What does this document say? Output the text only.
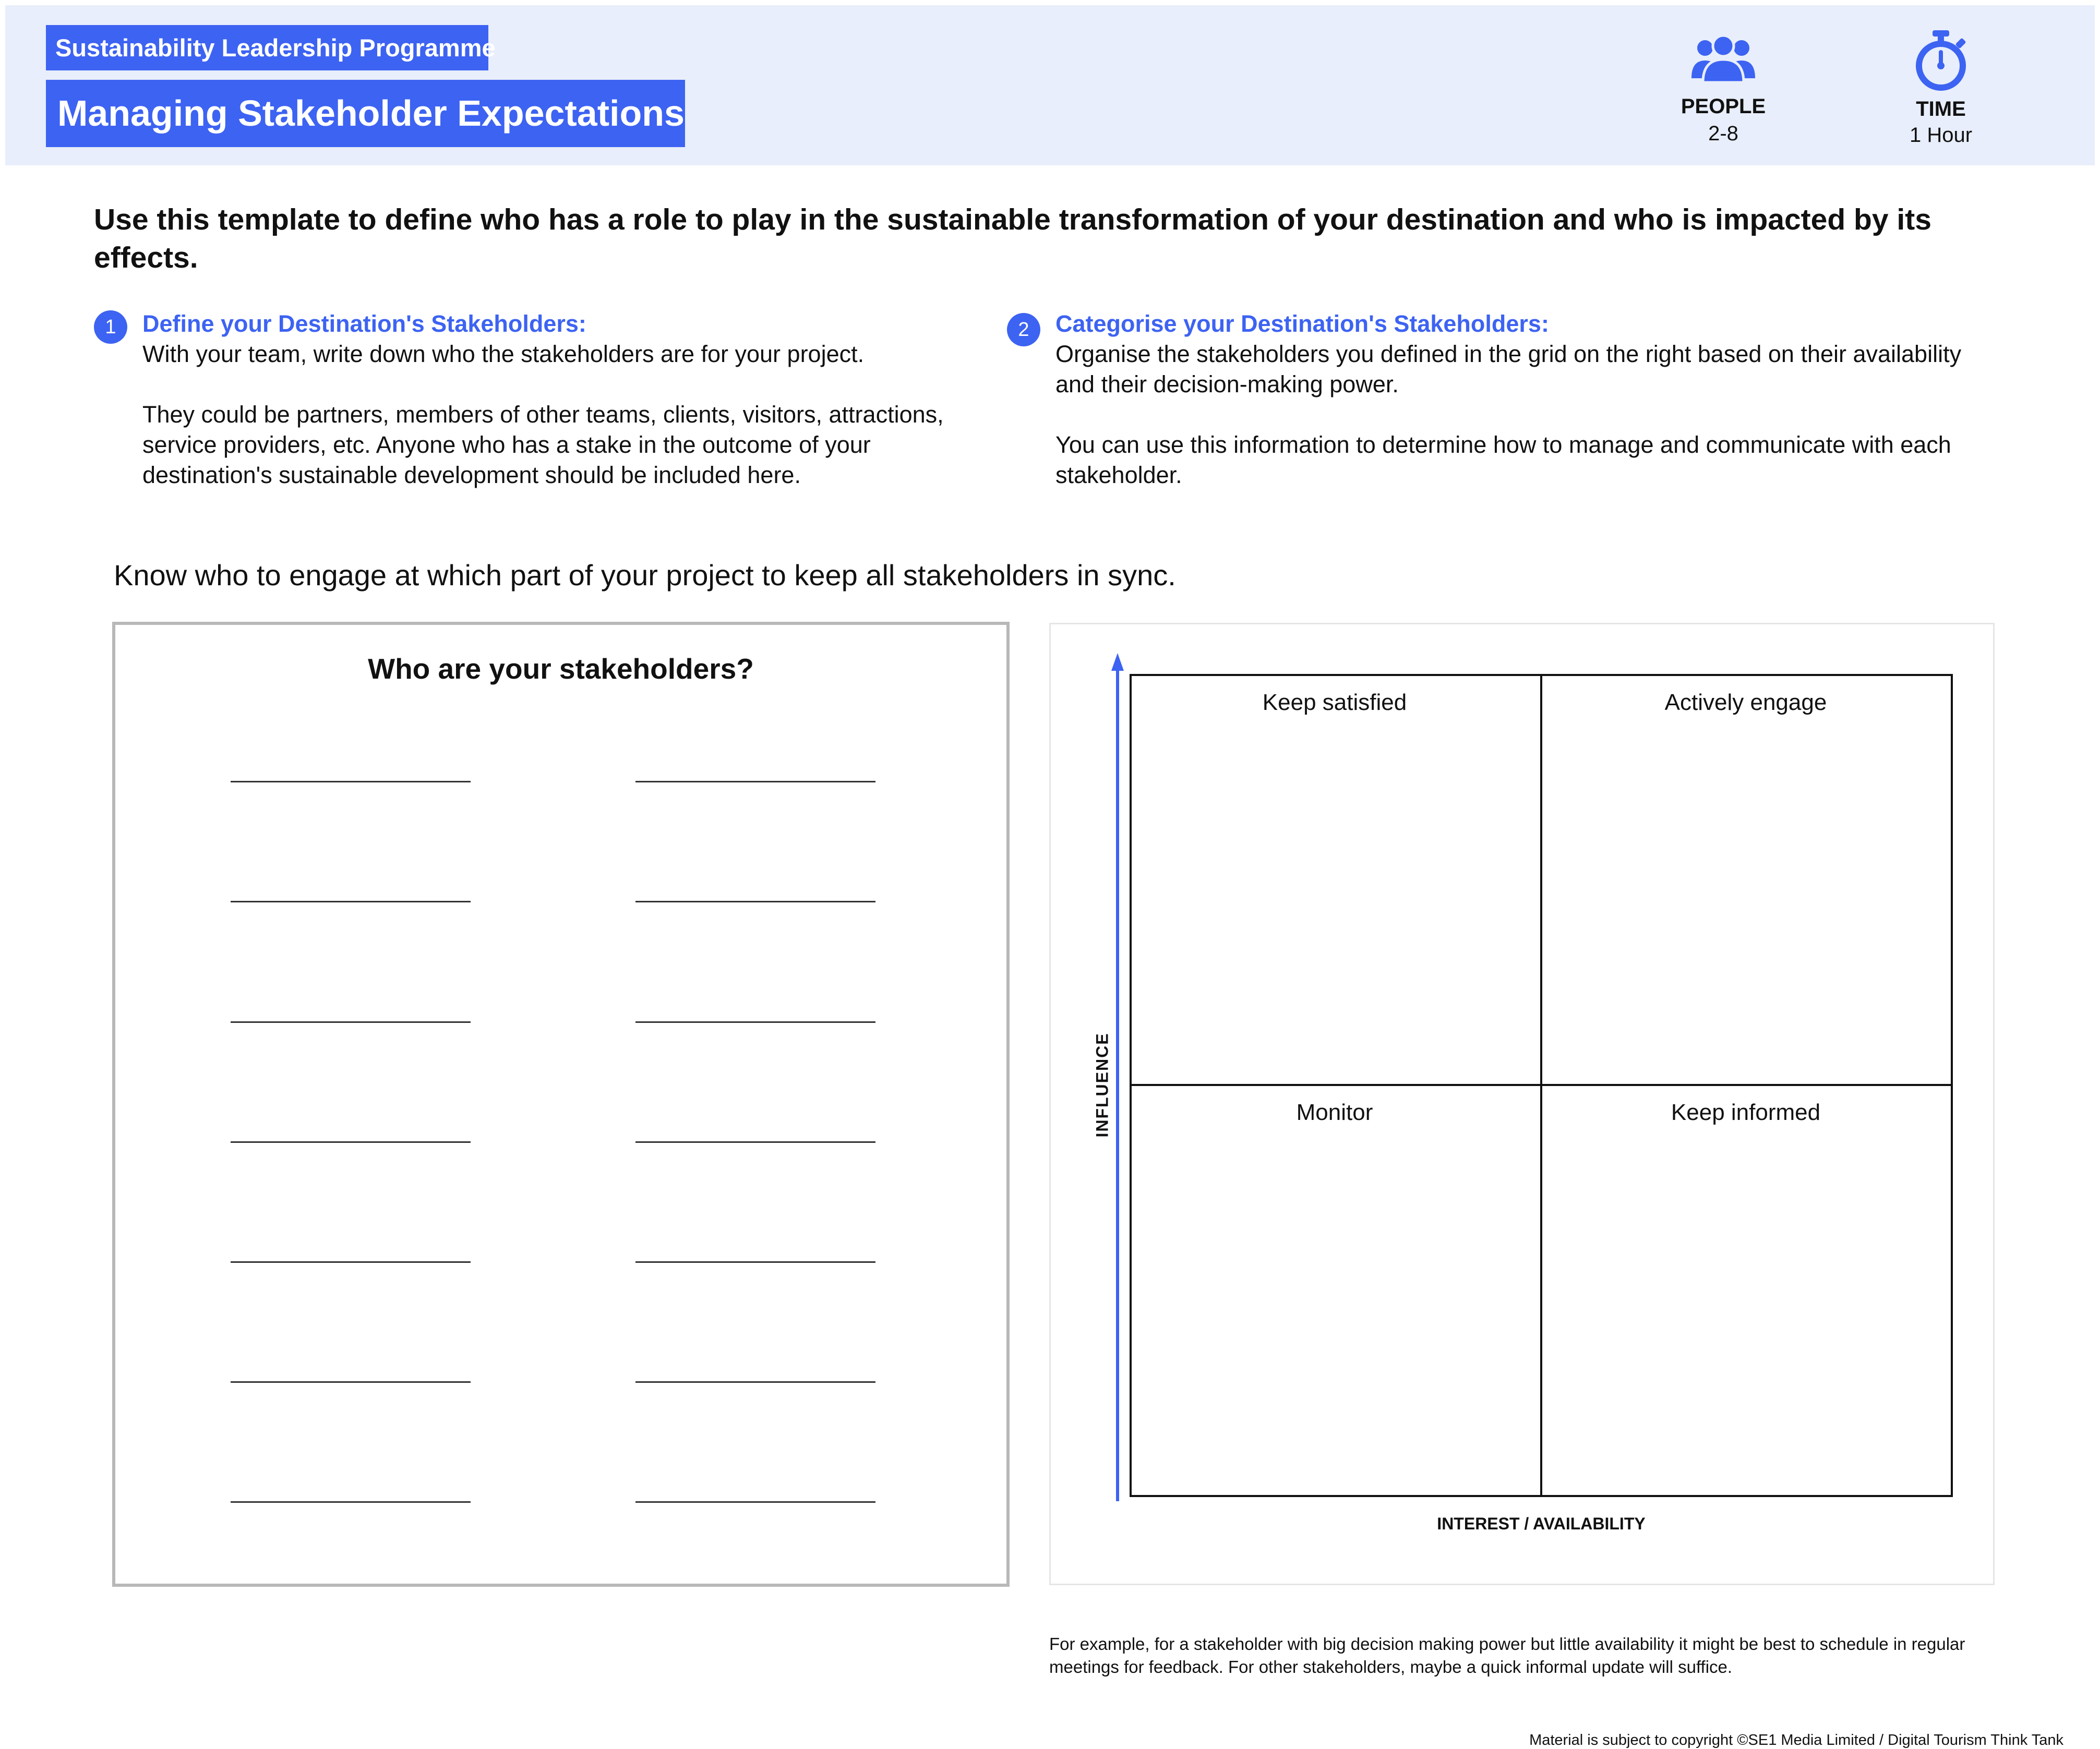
Sustainability Leadership Programme
Managing Stakeholder Expectations	PEOPLE
2-8
TIME
1 Hour
Use this template to define who has a role to play in the sustainable transformation of your destination and who is impacted by its effects.
1	Define your Destination's Stakeholders:

With your team, write down who the stakeholders are for your project.

They could be partners, members of other teams, clients, visitors, attractions, service providers, etc. Anyone who has a stake in the outcome of your destination's sustainable development should be included here.

2	Categorise your Destination's Stakeholders:

Organise the stakeholders you defined in the grid on the right based on their availability and their decision-making power.

You can use this information to determine how to manage and communicate with each stakeholder.

Know who to engage at which part of your project to keep all stakeholders in sync.
Who are your stakeholders?
Keep satisfied	Actively engage
Monitor	Keep informed
INFLUENCE
INTEREST / AVAILABILITY
For example, for a stakeholder with big decision making power but little availability it might be best to schedule in regular meetings for feedback. For other stakeholders, maybe a quick informal update will suffice.
Material is subject to copyright ©SE1 Media Limited / Digital Tourism Think Tank
